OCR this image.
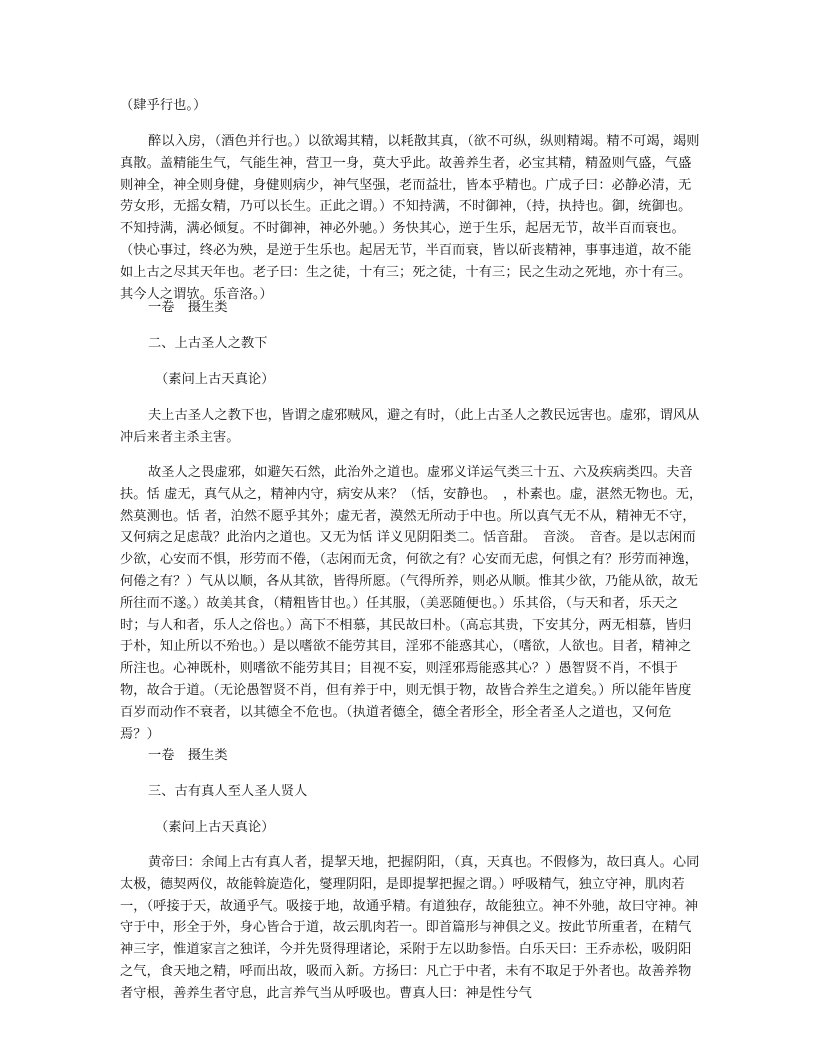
（肆乎行也。）

醉以入房，（酒色并行也。）以欲竭其精，以耗散其真，（欲不可纵，纵则精竭。精不可竭，竭则真散。盖精能生气，气能生神，营卫一身，莫大乎此。故善养生者，必宝其精，精盈则气盛，气盛则神全，神全则身健，身健则病少，神气坚强，老而益壮，皆本乎精也。广成子曰：必静必清，无劳女形，无摇女精，乃可以长生。正此之谓。）不知持满，不时御神，（持，执持也。御，统御也。不知持满，满必倾复。不时御神，神必外驰。）务快其心，逆于生乐，起居无节，故半百而衰也。（快心事过，终必为殃，是逆于生乐也。起居无节，半百而衰，皆以斫丧精神，事事违道，故不能如上古之尽其天年也。老子曰：生之徒，十有三；死之徒，十有三；民之生动之死地，亦十有三。其今人之谓欤。乐音洛。）

一卷　摄生类

二、上古圣人之教下

（素问上古天真论）

夫上古圣人之教下也，皆谓之虚邪贼风，避之有时，（此上古圣人之教民远害也。虚邪，谓风从冲后来者主杀主害。

故圣人之畏虚邪，如避矢石然，此治外之道也。虚邪义详运气类三十五、六及疾病类四。夫音扶。恬 虚无，真气从之，精神内守，病安从来？（恬，安静也。　，朴素也。虚，湛然无物也。无，　然莫测也。恬 者，泊然不愿乎其外；虚无者，漠然无所动于中也。所以真气无不从，精神无不守，又何病之足虑哉？此治内之道也。又无为恬 详义见阴阳类二。恬音甜。　音淡。　音杳。是以志闲而少欲，心安而不惧，形劳而不倦，（志闲而无贪，何欲之有？心安而无虑，何惧之有？形劳而神逸，何倦之有？）气从以顺，各从其欲，皆得所愿。（气得所养，则必从顺。惟其少欲，乃能从欲，故无所往而不遂。）故美其食，（精粗皆甘也。）任其服，（美恶随便也。）乐其俗，（与天和者，乐天之时；与人和者，乐人之俗也。）高下不相慕，其民故曰朴。（高忘其贵，下安其分，两无相慕，皆归于朴，知止所以不殆也。）是以嗜欲不能劳其目，淫邪不能惑其心，（嗜欲，人欲也。目者，精神之所注也。心神既朴，则嗜欲不能劳其目；目视不妄，则淫邪焉能惑其心？）愚智贤不肖，不惧于物，故合于道。（无论愚智贤不肖，但有养于中，则无惧于物，故皆合养生之道矣。）所以能年皆度百岁而动作不衰者，以其德全不危也。（执道者德全，德全者形全，形全者圣人之道也，又何危焉？）

一卷　摄生类

三、古有真人至人圣人贤人

（素问上古天真论）

黄帝曰：余闻上古有真人者，提挈天地，把握阴阳，（真，天真也。不假修为，故曰真人。心同太极，德契两仪，故能斡旋造化，燮理阴阳，是即提挈把握之谓。）呼吸精气，独立守神，肌肉若一，（呼接于天，故通乎气。吸接于地，故通乎精。有道独存，故能独立。神不外驰，故曰守神。神守于中，形全于外，身心皆合于道，故云肌肉若一。即首篇形与神俱之义。按此节所重者，在精气神三字，惟道家言之独详，今并先贤得理诸论，采附于左以助参悟。白乐天曰：王乔赤松，吸阴阳之气，食天地之精，呼而出故，吸而入新。方扬曰：凡亡于中者，未有不取足于外者也。故善养物者守根，善养生者守息，此言养气当从呼吸也。曹真人曰：神是性兮气
